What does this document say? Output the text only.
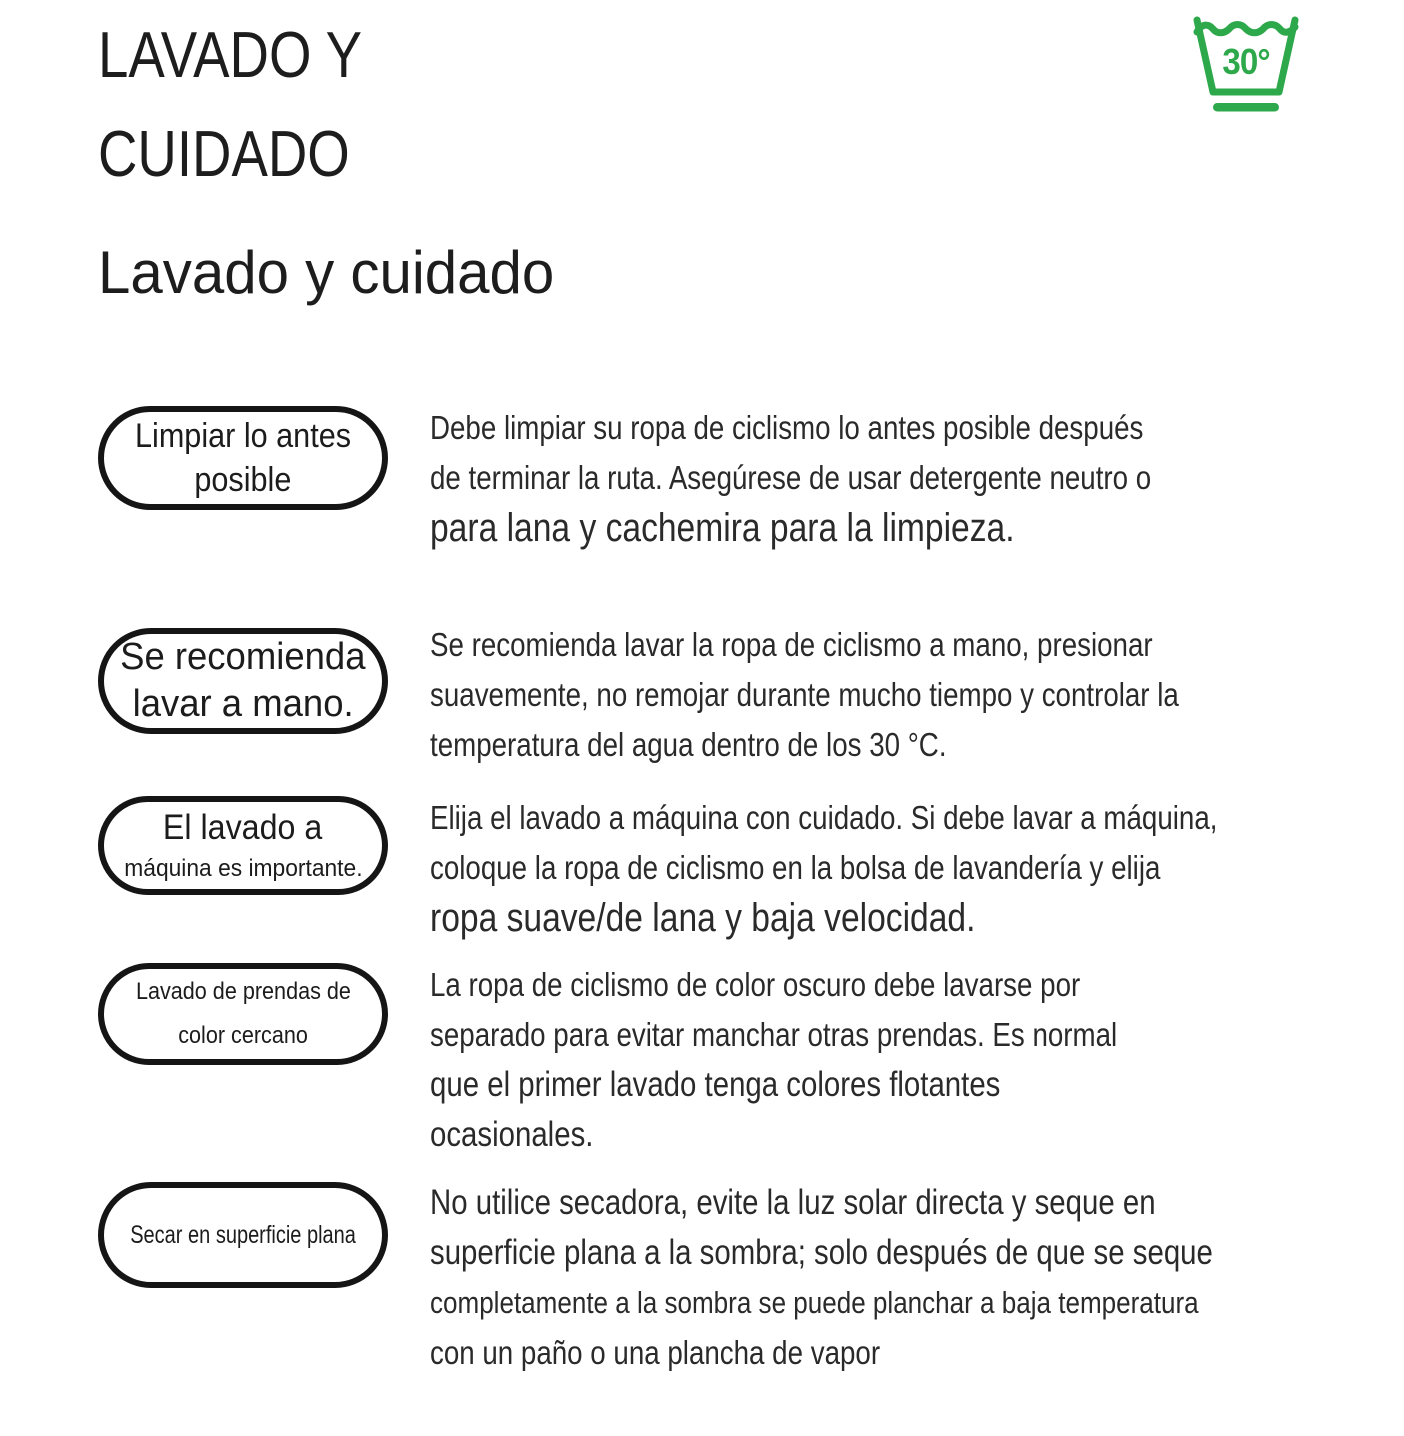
LAVADO Y
CUIDADO
Lavado y cuidado
30°
Limpiar lo antes
posible
Debe limpiar su ropa de ciclismo lo antes posible después
de terminar la ruta. Asegúrese de usar detergente neutro o
para lana y cachemira para la limpieza.
Se recomienda
lavar a mano.
Se recomienda lavar la ropa de ciclismo a mano, presionar
suavemente, no remojar durante mucho tiempo y controlar la
temperatura del agua dentro de los 30 °C.
El lavado a
máquina es importante.
Elija el lavado a máquina con cuidado. Si debe lavar a máquina,
coloque la ropa de ciclismo en la bolsa de lavandería y elija
ropa suave/de lana y baja velocidad.
Lavado de prendas de
color cercano
La ropa de ciclismo de color oscuro debe lavarse por
separado para evitar manchar otras prendas. Es normal
que el primer lavado tenga colores flotantes
ocasionales.
Secar en superficie plana
No utilice secadora, evite la luz solar directa y seque en
superficie plana a la sombra; solo después de que se seque
completamente a la sombra se puede planchar a baja temperatura
con un paño o una plancha de vapor
